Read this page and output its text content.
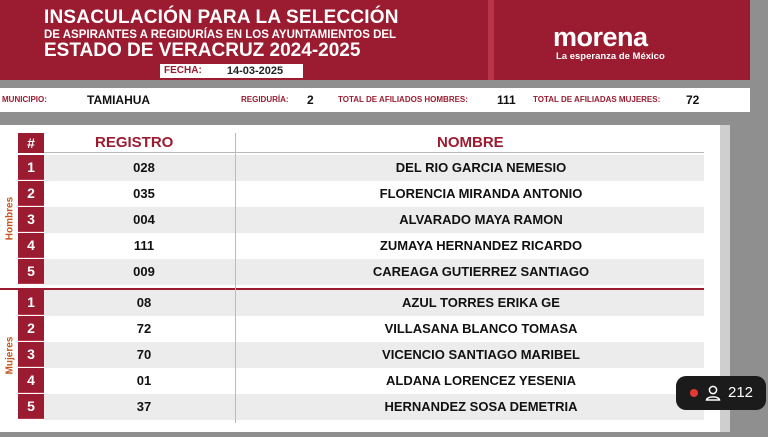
INSACULACIÓN PARA LA SELECCIÓN
DE ASPIRANTES A REGIDURÍAS EN LOS AYUNTAMIENTOS DEL
ESTADO DE VERACRUZ 2024-2025
FECHA:	14-03-2025
morena
La esperanza de México
MUNICIPIO:	TAMIAHUA	REGIDURÍA: 2	TOTAL DE AFILIADOS HOMBRES: 111 TOTAL DE AFILIADAS MUJERES: 72
#	REGISTRO	NOMBRE
Hombres
Mujeres
1	028	DEL RIO GARCIA NEMESIO
2	035	FLORENCIA MIRANDA ANTONIO
3	004	ALVARADO MAYA RAMON
4	111	ZUMAYA HERNANDEZ RICARDO
5	009	CAREAGA GUTIERREZ SANTIAGO
1	08	AZUL TORRES ERIKA GE
2	72	VILLASANA BLANCO TOMASA
3	70	VICENCIO SANTIAGO MARIBEL
4	01	ALDANA LORENCEZ YESENIA
5	37	HERNANDEZ SOSA DEMETRIA
212
